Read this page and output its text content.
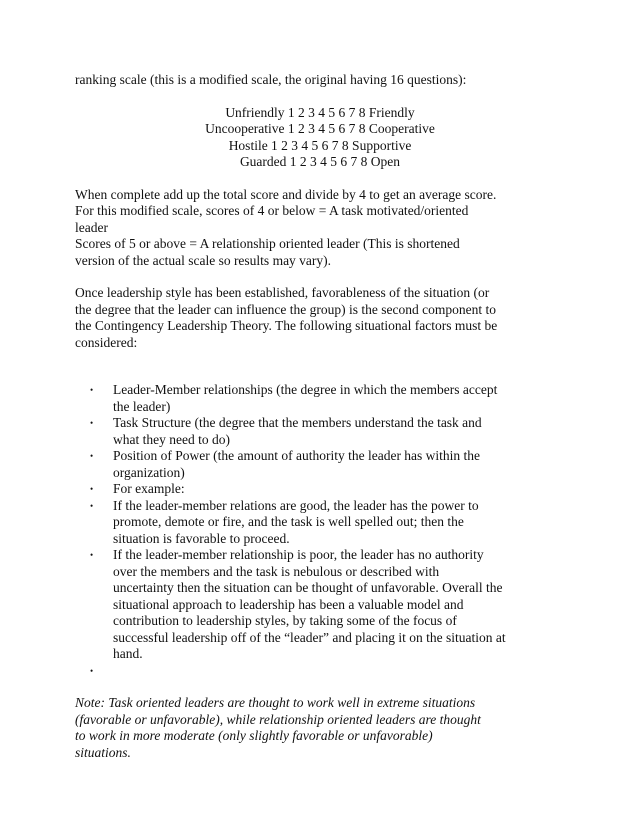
ranking scale (this is a modified scale, the original having 16 questions):

Unfriendly 1 2 3 4 5 6 7 8 Friendly
Uncooperative 1 2 3 4 5 6 7 8 Cooperative
Hostile 1 2 3 4 5 6 7 8 Supportive
Guarded 1 2 3 4 5 6 7 8 Open

When complete add up the total score and divide by 4 to get an average score.
For this modified scale, scores of 4 or below = A task motivated/oriented
leader
Scores of 5 or above = A relationship oriented leader (This is shortened
version of the actual scale so results may vary).

Once leadership style has been established, favorableness of the situation (or
the degree that the leader can influence the group) is the second component to
the Contingency Leadership Theory. The following situational factors must be
considered:

• Leader-Member relationships (the degree in which the members accept
the leader)
• Task Structure (the degree that the members understand the task and
what they need to do)
• Position of Power (the amount of authority the leader has within the
organization)
• For example:
• If the leader-member relations are good, the leader has the power to
promote, demote or fire, and the task is well spelled out; then the
situation is favorable to proceed.
• If the leader-member relationship is poor, the leader has no authority
over the members and the task is nebulous or described with
uncertainty then the situation can be thought of unfavorable. Overall the
situational approach to leadership has been a valuable model and
contribution to leadership styles, by taking some of the focus of
successful leadership off of the “leader” and placing it on the situation at
hand.
•

Note: Task oriented leaders are thought to work well in extreme situations
(favorable or unfavorable), while relationship oriented leaders are thought
to work in more moderate (only slightly favorable or unfavorable)
situations.
